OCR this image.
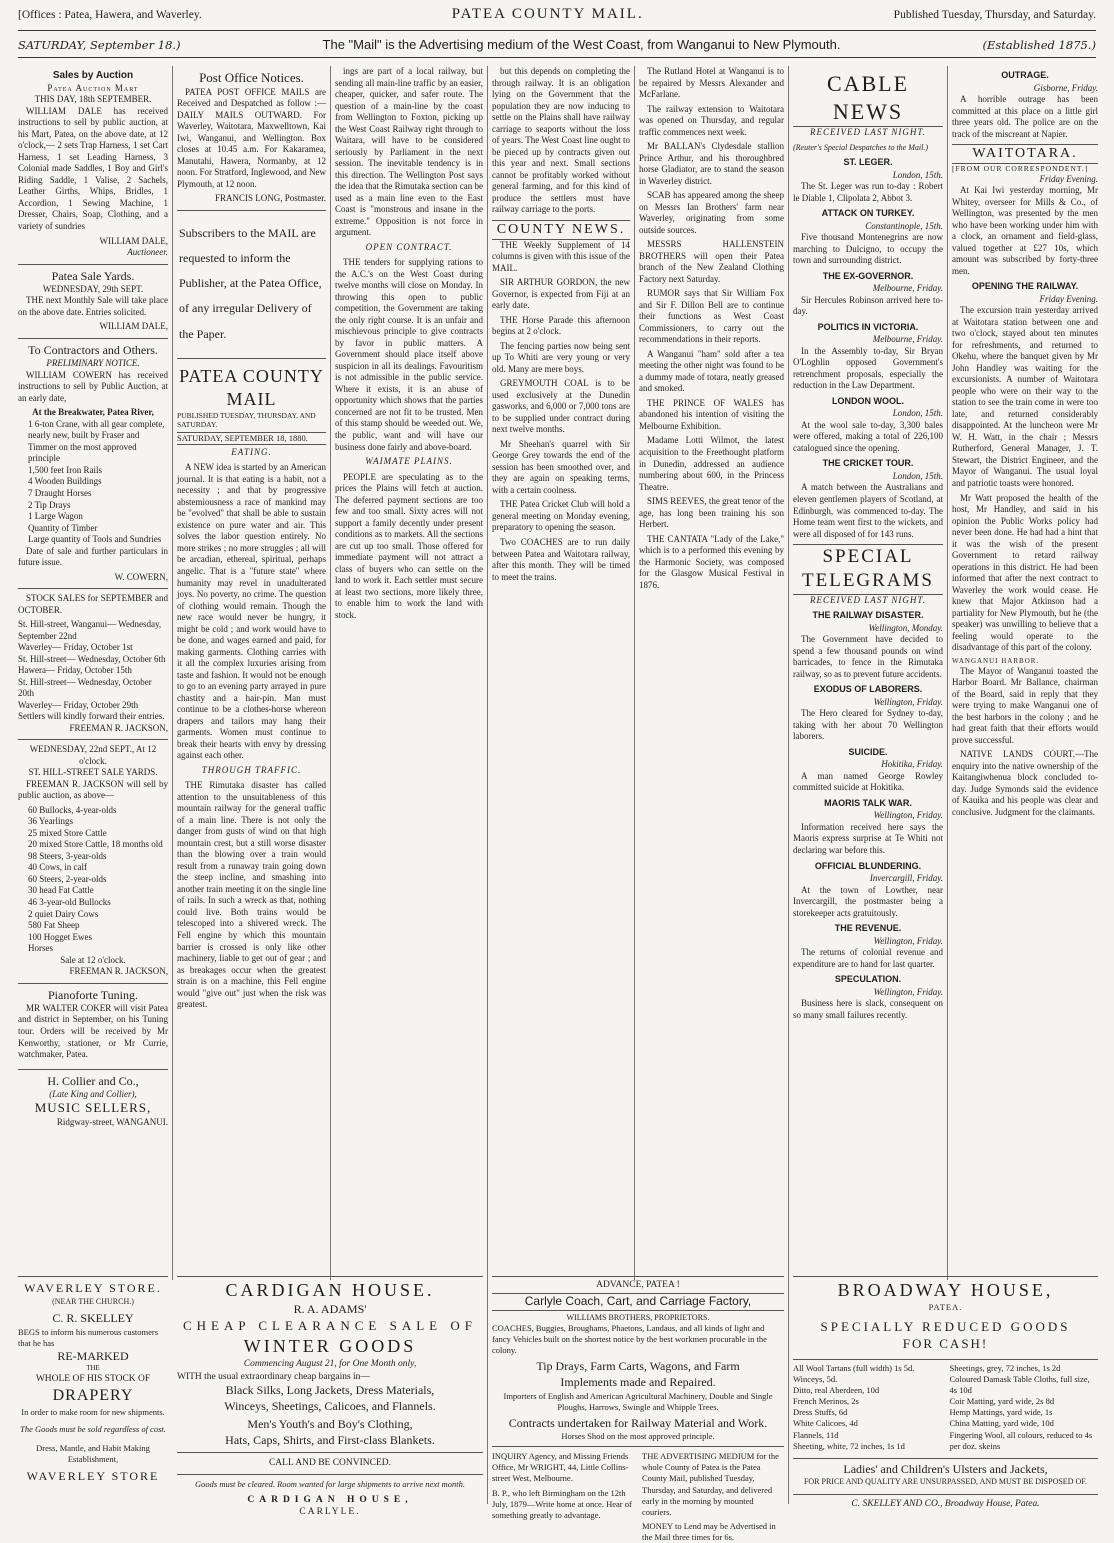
[Offices : Patea, Hawera, and Waverley.	PATEA COUNTY MAIL.	Published Tuesday, Thursday, and Saturday.
SATURDAY, September 18.)	The "Mail" is the Advertising medium of the West Coast, from Wanganui to New Plymouth.	(Established 1875.)
Sales by Auction
Patea Auction Mart
THIS DAY, 18th SEPTEMBER.

WILLIAM DALE has received instructions to sell by public auction, at his Mart, Patea, on the above date, at 12 o'clock,— 2 sets Trap Harness, 1 set Cart Harness, 1 set Leading Harness, 3 Colonial made Saddles, 1 Boy and Girl's Riding Saddle, 1 Valise, 2 Sachels, Leather Girths, Whips, Bridles, 1 Accordion, 1 Sewing Machine, 1 Dresser, Chairs, Soap, Clothing, and a variety of sundries

WILLIAM DALE,
Auctioneer.
Patea Sale Yards.
WEDNESDAY, 29th SEPT.

THE next Monthly Sale will take place on the above date. Entries solicited.

WILLIAM DALE,
To Contractors and Others.
PRELIMINARY NOTICE.

WILLIAM COWERN has received instructions to sell by Public Auction, at an early date,

At the Breakwater, Patea River,
1 6-ton Crane, with all gear complete, nearly new, built by Fraser and Timmer on the most approved principle
1,500 feet Iron Rails
4 Wooden Buildings
7 Draught Horses
2 Tip Drays
1 Large Wagon
Quantity of Timber
Large quantity of Tools and Sundries

Date of sale and further particulars in future issue.

W. COWERN,

STOCK SALES for SEPTEMBER and OCTOBER.

St. Hill-street, Wanganui— Wednesday, September 22nd
Waverley— Friday, October 1st
St. Hill-street— Wednesday, October 6th
Hawera— Friday, October 15th
St. Hill-street— Wednesday, October 20th
Waverley— Friday, October 29th
Settlers will kindly forward their entries.
FREEMAN R. JACKSON,
WEDNESDAY, 22nd SEPT., At 12 o'clock.
ST. HILL-STREET SALE YARDS.

FREEMAN R. JACKSON will sell by public auction, as above—

60 Bullocks, 4-year-olds
36 Yearlings
25 mixed Store Cattle
20 mixed Store Cattle, 18 months old
98 Steers, 3-year-olds
40 Cows, in calf
60 Steers, 2-year-olds
30 head Fat Cattle
46 3-year-old Bullocks
2 quiet Dairy Cows
580 Fat Sheep
100 Hogget Ewes
Horses
Sale at 12 o'clock.
FREEMAN R. JACKSON,
Pianoforte Tuning.

MR WALTER COKER will visit Patea and district in September, on his Tuning tour. Orders will be received by Mr Kenworthy, stationer, or Mr Currie, watchmaker, Patea.

H. Collier and Co.,
(Late King and Collier),
MUSIC SELLERS,
Ridgway-street, WANGANUI.
Post Office Notices.

PATEA POST OFFICE MAILS are Received and Despatched as follow :— DAILY MAILS OUTWARD. For Waverley, Waitotara, Maxwelltown, Kai Iwi, Wanganui, and Wellington. Box closes at 10.45 a.m. For Kakaramea, Manutahi, Hawera, Normanby, at 12 noon. For Stratford, Inglewood, and New Plymouth, at 12 noon.

FRANCIS LONG, Postmaster.

Subscribers to the MAIL are requested to inform the Publisher, at the Patea Office, of any irregular Delivery of the Paper.

PATEA COUNTY MAIL
PUBLISHED TUESDAY, THURSDAY, AND SATURDAY.
SATURDAY, SEPTEMBER 18, 1880.
EATING.

A NEW idea is started by an American journal. It is that eating is a habit, not a necessity ; and that by progressive abstemiousness a race of mankind may be "evolved" that shall be able to sustain existence on pure water and air. This solves the labor question entirely. No more strikes ; no more struggles ; all will be arcadian, ethereal, spiritual, perhaps angelic. That is a "future state" where humanity may revel in unadulterated joys. No poverty, no crime. The question of clothing would remain. Though the new race would never be hungry, it might be cold ; and work would have to be done, and wages earned and paid, for making garments. Clothing carries with it all the complex luxuries arising from taste and fashion. It would not be enough to go to an evening party arrayed in pure chastity and a hair-pin. Man must continue to be a clothes-horse whereon drapers and tailors may hang their garments. Women must continue to break their hearts with envy by dressing against each other.

THROUGH TRAFFIC.

THE Rimutaka disaster has called attention to the unsuitableness of this mountain railway for the general traffic of a main line. There is not only the danger from gusts of wind on that high mountain crest, but a still worse disaster than the blowing over a train would result from a runaway train going down the steep incline, and smashing into another train meeting it on the single line of rails. In such a wreck as that, nothing could live. Both trains would be telescoped into a shivered wreck. The Fell engine by which this mountain barrier is crossed is only like other machinery, liable to get out of gear ; and as breakages occur when the greatest strain is on a machine, this Fell engine would "give out" just when the risk was greatest.

ings are part of a local railway, but sending all main-line traffic by an easier, cheaper, quicker, and safer route. The question of a main-line by the coast from Wellington to Foxton, picking up the West Coast Railway right through to Waitara, will have to be considered seriously by Parliament in the next session. The inevitable tendency is in this direction. The Wellington Post says the idea that the Rimutaka section can be used as a main line even to the East Coast is "monstrous and insane in the extreme." Opposition is not force in argument.

OPEN CONTRACT.

THE tenders for supplying rations to the A.C.'s on the West Coast during twelve months will close on Monday. In throwing this open to public competition, the Government are taking the only right course. It is an unfair and mischievous principle to give contracts by favor in public matters. A Government should place itself above suspicion in all its dealings. Favouritism is not admissible in the public service. Where it exists, it is an abuse of opportunity which shows that the parties concerned are not fit to be trusted. Men of this stamp should be weeded out. We, the public, want and will have our business done fairly and above-board.

WAIMATE PLAINS.

PEOPLE are speculating as to the prices the Plains will fetch at auction. The deferred payment sections are too few and too small. Sixty acres will not support a family decently under present conditions as to markets. All the sections are cut up too small. Those offered for immediate payment will not attract a class of buyers who can settle on the land to work it. Each settler must secure at least two sections, more likely three, to enable him to work the land with stock.

but this depends on completing the through railway. It is an obligation lying on the Government that the population they are now inducing to settle on the Plains shall have railway carriage to seaports without the loss of years. The West Coast line ought to be pieced up by contracts given out this year and next. Small sections cannot be profitably worked without general farming, and for this kind of produce the settlers must have railway carriage to the ports.

COUNTY NEWS.

THE Weekly Supplement of 14 columns is given with this issue of the MAIL.

SIR ARTHUR GORDON, the new Governor, is expected from Fiji at an early date.

THE Horse Parade this afternoon begins at 2 o'clock.

The fencing parties now being sent up To Whiti are very young or very old. Many are mere boys.

GREYMOUTH COAL is to be used exclusively at the Dunedin gasworks, and 6,000 or 7,000 tons are to be supplied under contract during next twelve months.

Mr Sheehan's quarrel with Sir George Grey towards the end of the session has been smoothed over, and they are again on speaking terms, with a certain coolness.

THE Patea Cricket Club will hold a general meeting on Monday evening, preparatory to opening the season.

Two COACHES are to run daily between Patea and Waitotara railway, after this month. They will be timed to meet the trains.

The Rutland Hotel at Wanganui is to be repaired by Messrs Alexander and McFarlane.

The railway extension to Waitotara was opened on Thursday, and regular traffic commences next week.

Mr BALLAN's Clydesdale stallion Prince Arthur, and his thoroughbred horse Gladiator, are to stand the season in Waverley district.

SCAB has appeared among the sheep on Messrs Ian Brothers' farm near Waverley, originating from some outside sources.

MESSRS HALLENSTEIN BROTHERS will open their Patea branch of the New Zealand Clothing Factory next Saturday.

RUMOR says that Sir William Fox and Sir F. Dillon Bell are to continue their functions as West Coast Commissioners, to carry out the recommendations in their reports.

A Wanganui "ham" sold after a tea meeting the other night was found to be a dummy made of totara, neatly greased and smoked.

THE PRINCE OF WALES has abandoned his intention of visiting the Melbourne Exhibition.

Madame Lotti Wilmot, the latest acquisition to the Freethought platform in Dunedin, addressed an audience numbering about 600, in the Princess Theatre.

SIMS REEVES, the great tenor of the age, has long been training his son Herbert.

THE CANTATA "Lady of the Lake," which is to a performed this evening by the Harmonic Society, was composed for the Glasgow Musical Festival in 1876.

CABLE NEWS
RECEIVED LAST NIGHT.
(Reuter's Special Despatches to the Mail.)
ST. LEGER.
London, 15th.

The St. Leger was run to-day : Robert le Diable 1, Clipolata 2, Abbot 3.

ATTACK ON TURKEY.
Constantinople, 15th.

Five thousand Montenegrins are now marching to Dulcigno, to occupy the town and surrounding district.

THE EX-GOVERNOR.
Melbourne, Friday.

Sir Hercules Robinson arrived here to-day.

POLITICS IN VICTORIA.
Melbourne, Friday.

In the Assembly to-day, Sir Bryan O'Loghlin opposed Government's retrenchment proposals, especially the reduction in the Law Department.

LONDON WOOL.
London, 15th.

At the wool sale to-day, 3,300 bales were offered, making a total of 226,100 catalogued since the opening.

THE CRICKET TOUR.
London, 15th.

A match between the Australians and eleven gentlemen players of Scotland, at Edinburgh, was commenced to-day. The Home team went first to the wickets, and were all disposed of for 143 runs.

SPECIAL TELEGRAMS
RECEIVED LAST NIGHT.
THE RAILWAY DISASTER.
Wellington, Monday.

The Government have decided to spend a few thousand pounds on wind barricades, to fence in the Rimutaka railway, so as to prevent future accidents.

EXODUS OF LABORERS.
Wellington, Friday.

The Hero cleared for Sydney to-day, taking with her about 70 Wellington laborers.

SUICIDE.
Hokitika, Friday.

A man named George Rowley committed suicide at Hokitika.

MAORIS TALK WAR.
Wellington, Friday.

Information received here says the Maoris express surprise at Te Whiti not declaring war before this.

OFFICIAL BLUNDERING.
Invercargill, Friday.

At the town of Lowther, near Invercargill, the postmaster being a storekeeper acts gratuitously.

THE REVENUE.
Wellington, Friday.

The returns of colonial revenue and expenditure are to hand for last quarter.

SPECULATION.
Wellington, Friday.

Business here is slack, consequent on so many small failures recently.

OUTRAGE.
Gisborne, Friday.

A horrible outrage has been committed at this place on a little girl three years old. The police are on the track of the miscreant at Napier.

WAITOTARA.
[FROM OUR CORRESPONDENT.]
Friday Evening.

At Kai Iwi yesterday morning, Mr Whitey, overseer for Mills & Co., of Wellington, was presented by the men who have been working under him with a clock, an ornament and field-glass, valued together at £27 10s, which amount was subscribed by forty-three men.

OPENING THE RAILWAY.
Friday Evening.

The excursion train yesterday arrived at Waitotara station between one and two o'clock, stayed about ten minutes for refreshments, and returned to Okehu, where the banquet given by Mr John Handley was waiting for the excursionists. A number of Waitotara people who were on their way to the station to see the train come in were too late, and returned considerably disappointed. At the luncheon were Mr W. H. Watt, in the chair ; Messrs Rutherford, General Manager, J. T. Stewart, the District Engineer, and the Mayor of Wanganui. The usual loyal and patriotic toasts were honored.

Mr Watt proposed the health of the host, Mr Handley, and said in his opinion the Public Works policy had never been done. He had had a hint that it was the wish of the present Government to retard railway operations in this district. He had been informed that after the next contract to Waverley the work would cease. He knew that Major Atkinson had a partiality for New Plymouth, but he (the speaker) was unwilling to believe that a feeling would operate to the disadvantage of this part of the colony.

WANGANUI HARBOR.

The Mayor of Wanganui toasted the Harbor Board. Mr Ballance, chairman of the Board, said in reply that they were trying to make Wanganui one of the best harbors in the colony ; and he had great faith that their efforts would prove successful.

NATIVE LANDS COURT.—The enquiry into the native ownership of the Kaitangiwhenua block concluded to-day. Judge Symonds said the evidence of Kauika and his people was clear and conclusive. Judgment for the claimants.

WAVERLEY STORE.
(NEAR THE CHURCH.)
C. R. SKELLEY
BEGS to inform his numerous customers that he has
RE-MARKED
THE
WHOLE OF HIS STOCK OF
DRAPERY
In order to make room for new shipments.
The Goods must be sold regardless of cost.
Dress, Mantle, and Habit Making Establishment,
WAVERLEY STORE
CARDIGAN HOUSE.
R. A. ADAMS'
CHEAP CLEARANCE SALE OF
WINTER GOODS
Commencing August 21, for One Month only,
WITH the usual extraordinary cheap bargains in—
Black Silks, Long Jackets, Dress Materials,
Winceys, Sheetings, Calicoes, and Flannels.
Men's Youth's and Boy's Clothing,
Hats, Caps, Shirts, and First-class Blankets.
CALL AND BE CONVINCED.
Goods must be cleared. Room wanted for large shipments to arrive next month.
CARDIGAN HOUSE,
CARLYLE.
ADVANCE, PATEA !
Carlyle Coach, Cart, and Carriage Factory,
WILLIAMS BROTHERS, PROPRIETORS.
COACHES, Buggies, Broughams, Phaetons, Landaus, and all kinds of light and fancy Vehicles built on the shortest notice by the best workmen procurable in the colony.
Tip Drays, Farm Carts, Wagons, and Farm
Implements made and Repaired.
Importers of English and American Agricultural Machinery, Double and Single Ploughs, Harrows, Swingle and Whipple Trees.
Contracts undertaken for Railway Material and Work.
Horses Shod on the most approved principle.

INQUIRY Agency, and Missing Friends Office, Mr WRIGHT, 44, Little Collins-street West, Melbourne.

B. P., who left Birmingham on the 12th July, 1879—Write home at once. Hear of something greatly to advantage.

THE ADVERTISING MEDIUM for the whole County of Patea is the Patea County Mail, published Tuesday, Thursday, and Saturday, and delivered early in the morning by mounted couriers.

MONEY to Lend may be Advertised in the Mail three times for 6s.

BROADWAY HOUSE,
PATEA.
SPECIALLY REDUCED GOODS
FOR CASH!
All Wool Tartans (full width) 1s 5d.
Winceys, 5d.
Ditto, real Aberdeen, 10d
French Merinos, 2s
Dress Stuffs, 6d
White Calicoes, 4d
Flannels, 11d
Sheeting, white, 72 inches, 1s 1d
Sheetings, grey, 72 inches, 1s 2d
Coloured Damask Table Cloths, full size, 4s 10d
Coir Matting, yard wide, 2s 8d
Hemp Mattings, yard wide, 1s
China Matting, yard wide, 10d
Fingering Wool, all colours, reduced to 4s per doz. skeins
Ladies' and Children's Ulsters and Jackets,
FOR PRICE AND QUALITY ARE UNSURPASSED, AND MUST BE DISPOSED OF.
C. SKELLEY AND CO., Broadway House, Patea.
